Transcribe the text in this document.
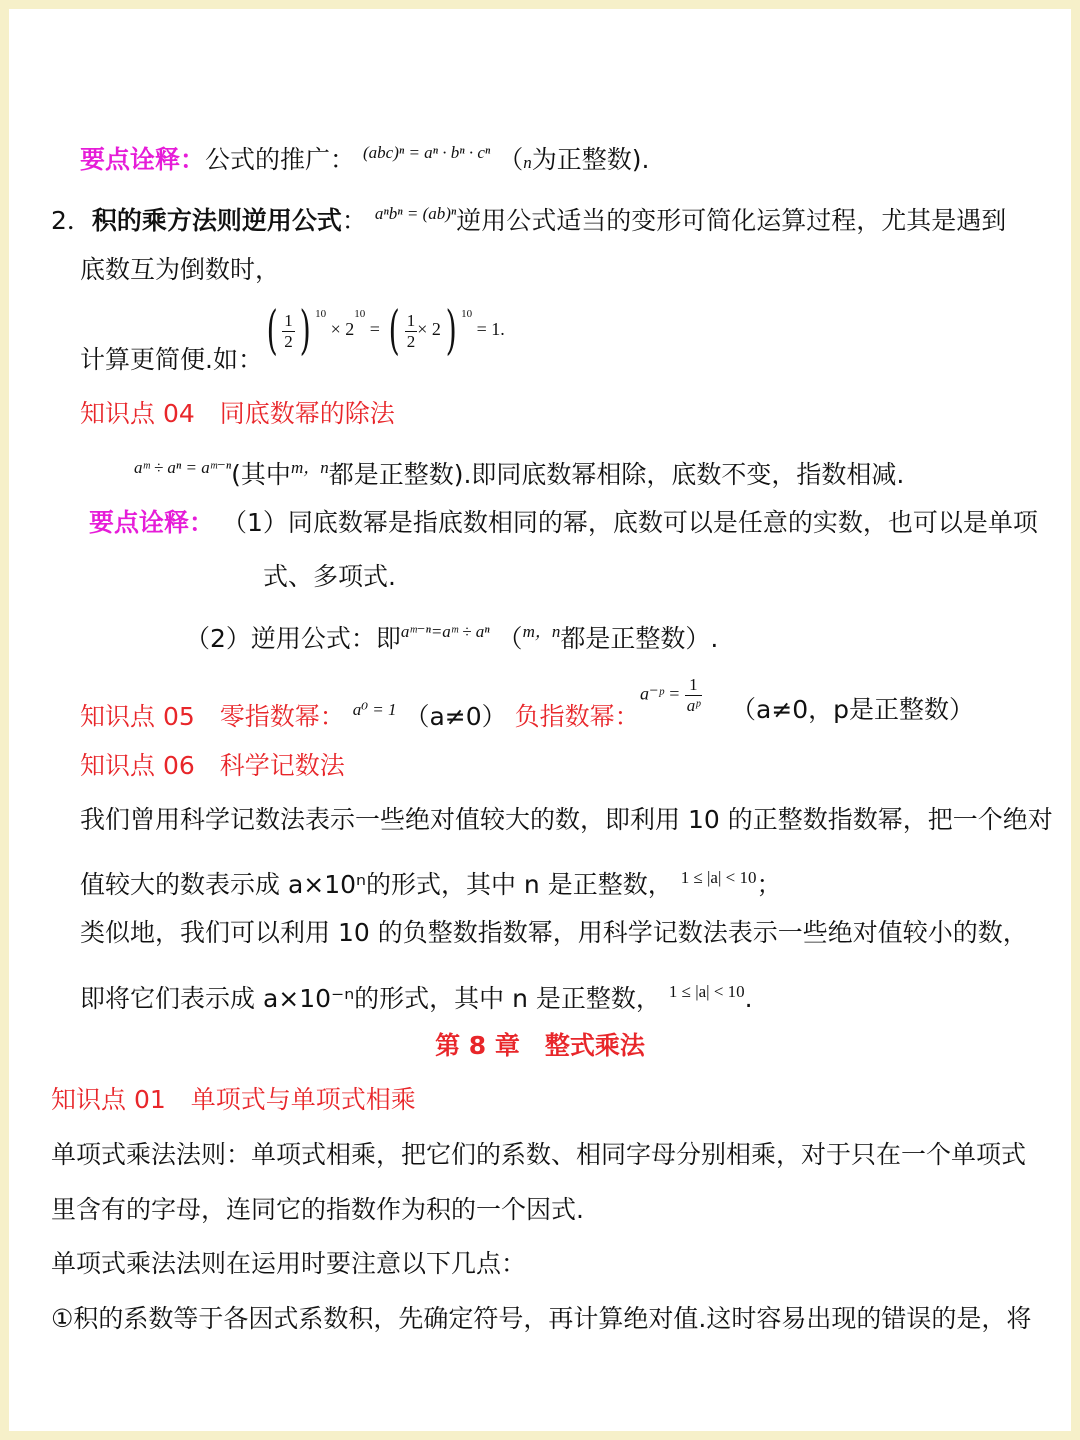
要点诠释：公式的推广： (abc)ⁿ = aⁿ · bⁿ · cⁿ （n为正整数).
2．积的乘方法则逆用公式： aⁿbⁿ = (ab)ⁿ逆用公式适当的变形可简化运算过程，尤其是遇到
底数互为倒数时，
计算更简便.如： ( $\frac{1}{2}$ ) $^{10} \times 2^{10}$ = ( $\frac{1}{2} \times 2$) $^{10}$ = 1.
知识点 04　同底数幂的除法
aᵐ ÷ aⁿ = aᵐ⁻ⁿ(其中m，n都是正整数).即同底数幂相除，底数不变，指数相减.
要点诠释： （1）同底数幂是指底数相同的幂，底数可以是任意的实数，也可以是单项
式、多项式.
（2）逆用公式：即aᵐ⁻ⁿ=aᵐ ÷ aⁿ （m，n都是正整数）.
知识点 05　零指数幂： a⁰ = 1 （a≠0） 负指数幂：
a⁻ᵖ = $\frac{1}{\text{aᵖ}} (a\ne 0$，p是正整数）
知识点 06　科学记数法
我们曾用科学记数法表示一些绝对值较大的数，即利用 10 的正整数指数幂，把一个绝对
值较大的数表示成 a×10ⁿ的形式，其中 n 是正整数， 1 ≤ |a| < 10；
类似地，我们可以利用 10 的负整数指数幂，用科学记数法表示一些绝对值较小的数，
即将它们表示成 a×10⁻ⁿ的形式，其中 n 是正整数， 1 ≤ |a| < 10.
第 8 章　整式乘法
知识点 01　单项式与单项式相乘
单项式乘法法则：单项式相乘，把它们的系数、相同字母分别相乘，对于只在一个单项式
里含有的字母，连同它的指数作为积的一个因式.
单项式乘法法则在运用时要注意以下几点：
①积的系数等于各因式系数积，先确定符号，再计算绝对值.这时容易出现的错误的是，将
